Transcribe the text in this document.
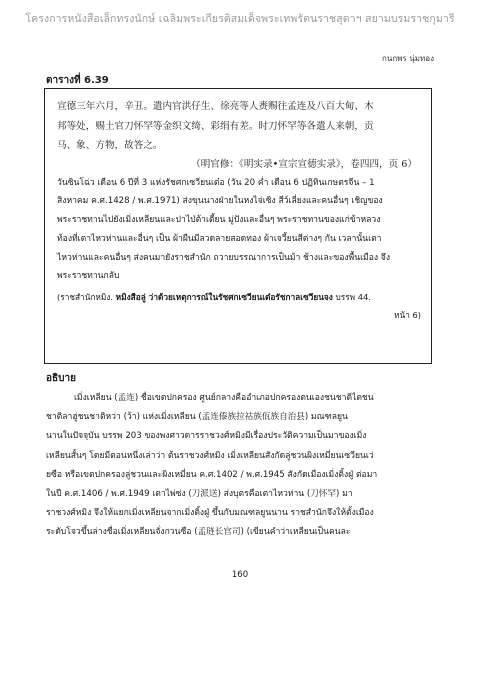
โครงการหนังสือเล็กทรงนักษ์ เฉลิมพระเกียรติสมเด็จพระเทพรัตนราชสุดาฯ สยามบรมราชกุมารี
กนกพร นุ่มทอง
ตารางที่ 6.39

宣德三年六月，辛丑。遣内官洪仔生、徐亮等人赉赐往孟连及八百大甸、木

邦等处，赐土官刀怀罕等金织文绮、彩绢有差。时刀怀罕等各遣人来朝，贡

马、象、方物，故答之。

（明官修：《明实录•宣宗宣德实录》，卷四四，页 6）

วันซินโฉ่ว เดือน 6 ปีที่ 3 แห่งรัชศกเซวียนเต๋อ (วัน 20 ค่ำ เดือน 6 ปฏิทินเกษตรจีน – 1

สิงหาคม ค.ศ.1428 / พ.ศ.1971) ส่งขุนนางฝ่ายในหงไจ่เซิง สีว์เลี่ยงและคนอื่นๆ เชิญของ

พระราชทานไปยังเมิ่งเหลียนและปาไป่ต้าเตี้ยน มู่ปังและอื่นๆ พระราชทานของแก่ข้าหลวง

ท้องที่เตาไหวห่านและอื่นๆ เป็น ผ้าผืนมีลวดลายสอดทอง ผ้าเจวี้ยนสีต่างๆ กัน เวลานั้นเตา

ไหวห่านและคนอื่นๆ ส่งคนมายังราชสำนัก ถวายบรรณาการเป็นม้า ช้างและของพื้นเมือง จึง

พระราชทานกลับ

(ราชสำนักหมิง. หมิงสือลู่ ว่าด้วยเหตุการณ์ในรัชศกเซวียนเต๋อรัชกาลเซวียนจง บรรพ 44.
หน้า 6)

อธิบาย
เมิ่งเหลียน (孟连) ชื่อเขตปกครอง ศูนย์กลางคืออำเภอปกครองตนเองชนชาติไตชน
ชาติลาฮู่ชนชาติหว่า (ว้า) แห่งเมิ่งเหลียน (孟连傣族拉祜族佤族自治县) มณฑลยูน
นานในปัจจุบัน บรรพ 203 ของพงศาวดารราชวงศ์หมิงมีเรื่องประวัติความเป็นมาของเมิ่ง
เหลียนสั้นๆ โดยมีตอนหนึ่งเล่าว่า ต้นราชวงศ์หมิง เมิ่งเหลียนสังกัดลู่ชวนผิงเหมี่ยนเซวียนเว่
ยซือ หรือเขตปกครองลู่ชวนและผิงเหมี่ยน ค.ศ.1402 / พ.ศ.1945 สังกัดเมืองเมิ่งติ้งฝู่ ต่อมา
ในปี ค.ศ.1406 / พ.ศ.1949 เตาไพ่ซ่ง (刀派送) ส่งบุตรคือเตาไหวห่าน (刀怀罕) มา
ราชวงศ์หมิง จึงให้แยกเมิ่งเหลียนจากเมิ่งติ้งฝู่ ขึ้นกับมณฑลยูนนาน ราชสำนักจึงให้ตั้งเมือง
ระดับโจวขึ้นล่างชื่อเมิ่งเหลียนจั่งกวนซือ (孟琏长官司) (เขียนคำว่าเหลียนเป็นคนละ
160
